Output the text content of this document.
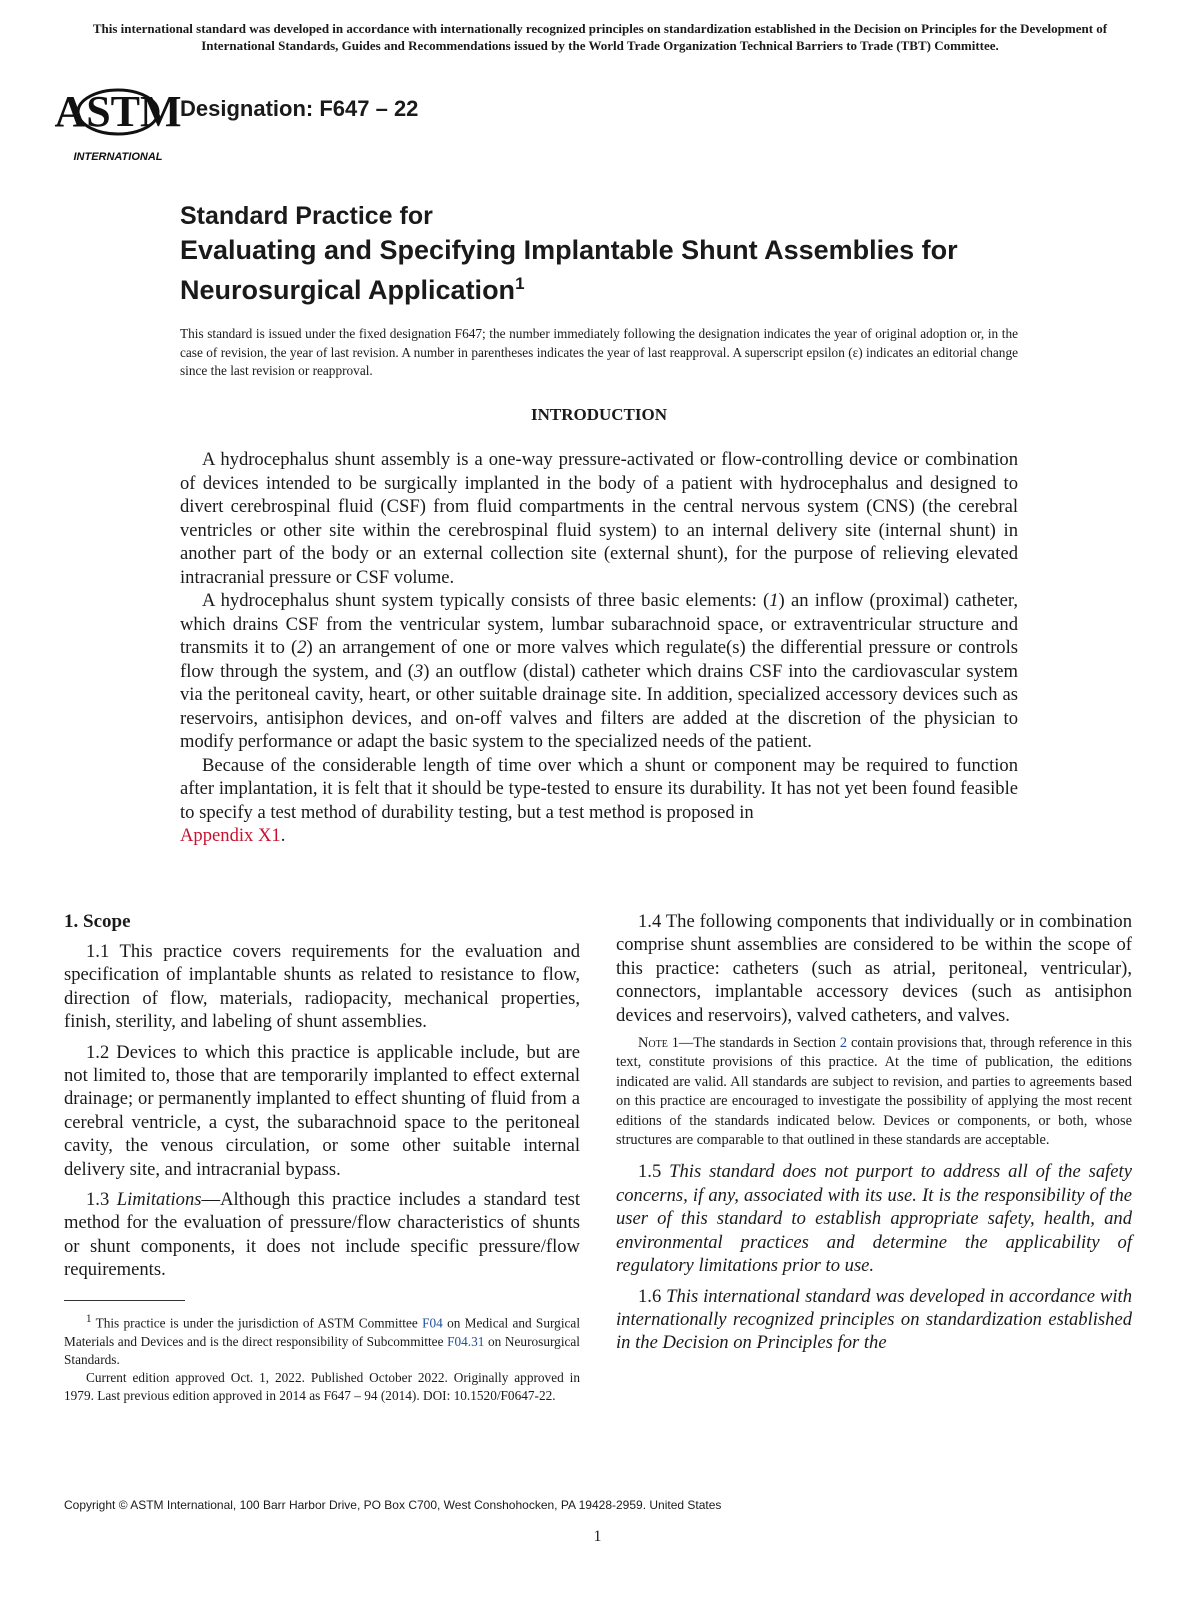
This international standard was developed in accordance with internationally recognized principles on standardization established in the Decision on Principles for the Development of International Standards, Guides and Recommendations issued by the World Trade Organization Technical Barriers to Trade (TBT) Committee.
ASTM
INTERNATIONAL
Designation: F647 – 22
Standard Practice for
Evaluating and Specifying Implantable Shunt Assemblies for Neurosurgical Application$^1$
This standard is issued under the fixed designation F647; the number immediately following the designation indicates the year of original adoption or, in the case of revision, the year of last revision. A number in parentheses indicates the year of last reapproval. A superscript epsilon (ε) indicates an editorial change since the last revision or reapproval.
INTRODUCTION

A hydrocephalus shunt assembly is a one-way pressure-activated or flow-controlling device or combination of devices intended to be surgically implanted in the body of a patient with hydrocephalus and designed to divert cerebrospinal fluid (CSF) from fluid compartments in the central nervous system (CNS) (the cerebral ventricles or other site within the cerebrospinal fluid system) to an internal delivery site (internal shunt) in another part of the body or an external collection site (external shunt), for the purpose of relieving elevated intracranial pressure or CSF volume.

A hydrocephalus shunt system typically consists of three basic elements: (1) an inflow (proximal) catheter, which drains CSF from the ventricular system, lumbar subarachnoid space, or extraventricular structure and transmits it to (2) an arrangement of one or more valves which regulate(s) the differential pressure or controls flow through the system, and (3) an outflow (distal) catheter which drains CSF into the cardiovascular system via the peritoneal cavity, heart, or other suitable drainage site. In addition, specialized accessory devices such as reservoirs, antisiphon devices, and on-off valves and filters are added at the discretion of the physician to modify performance or adapt the basic system to the specialized needs of the patient.

Because of the considerable length of time over which a shunt or component may be required to function after implantation, it is felt that it should be type-tested to ensure its durability. It has not yet been found feasible to specify a test method of durability testing, but a test method is proposed in
Appendix X1.

1. Scope

1.1 This practice covers requirements for the evaluation and specification of implantable shunts as related to resistance to flow, direction of flow, materials, radiopacity, mechanical properties, finish, sterility, and labeling of shunt assemblies.

1.2 Devices to which this practice is applicable include, but are not limited to, those that are temporarily implanted to effect external drainage; or permanently implanted to effect shunting of fluid from a cerebral ventricle, a cyst, the subarachnoid space to the peritoneal cavity, the venous circulation, or some other suitable internal delivery site, and intracranial bypass.

1.3 Limitations—Although this practice includes a standard test method for the evaluation of pressure/flow characteristics of shunts or shunt components, it does not include specific pressure/flow requirements.

$^1$ This practice is under the jurisdiction of ASTM Committee F04 on Medical and Surgical Materials and Devices and is the direct responsibility of Subcommittee F04.31 on Neurosurgical Standards.

Current edition approved Oct. 1, 2022. Published October 2022. Originally approved in 1979. Last previous edition approved in 2014 as F647 – 94 (2014). DOI: 10.1520/F0647-22.

1.4 The following components that individually or in combination comprise shunt assemblies are considered to be within the scope of this practice: catheters (such as atrial, peritoneal, ventricular), connectors, implantable accessory devices (such as antisiphon devices and reservoirs), valved catheters, and valves.

Note 1—The standards in Section 2 contain provisions that, through reference in this text, constitute provisions of this practice. At the time of publication, the editions indicated are valid. All standards are subject to revision, and parties to agreements based on this practice are encouraged to investigate the possibility of applying the most recent editions of the standards indicated below. Devices or components, or both, whose structures are comparable to that outlined in these standards are acceptable.

1.5 This standard does not purport to address all of the safety concerns, if any, associated with its use. It is the responsibility of the user of this standard to establish appropriate safety, health, and environmental practices and determine the applicability of regulatory limitations prior to use.

1.6 This international standard was developed in accordance with internationally recognized principles on standardization established in the Decision on Principles for the

Copyright © ASTM International, 100 Barr Harbor Drive, PO Box C700, West Conshohocken, PA 19428-2959. United States
1
